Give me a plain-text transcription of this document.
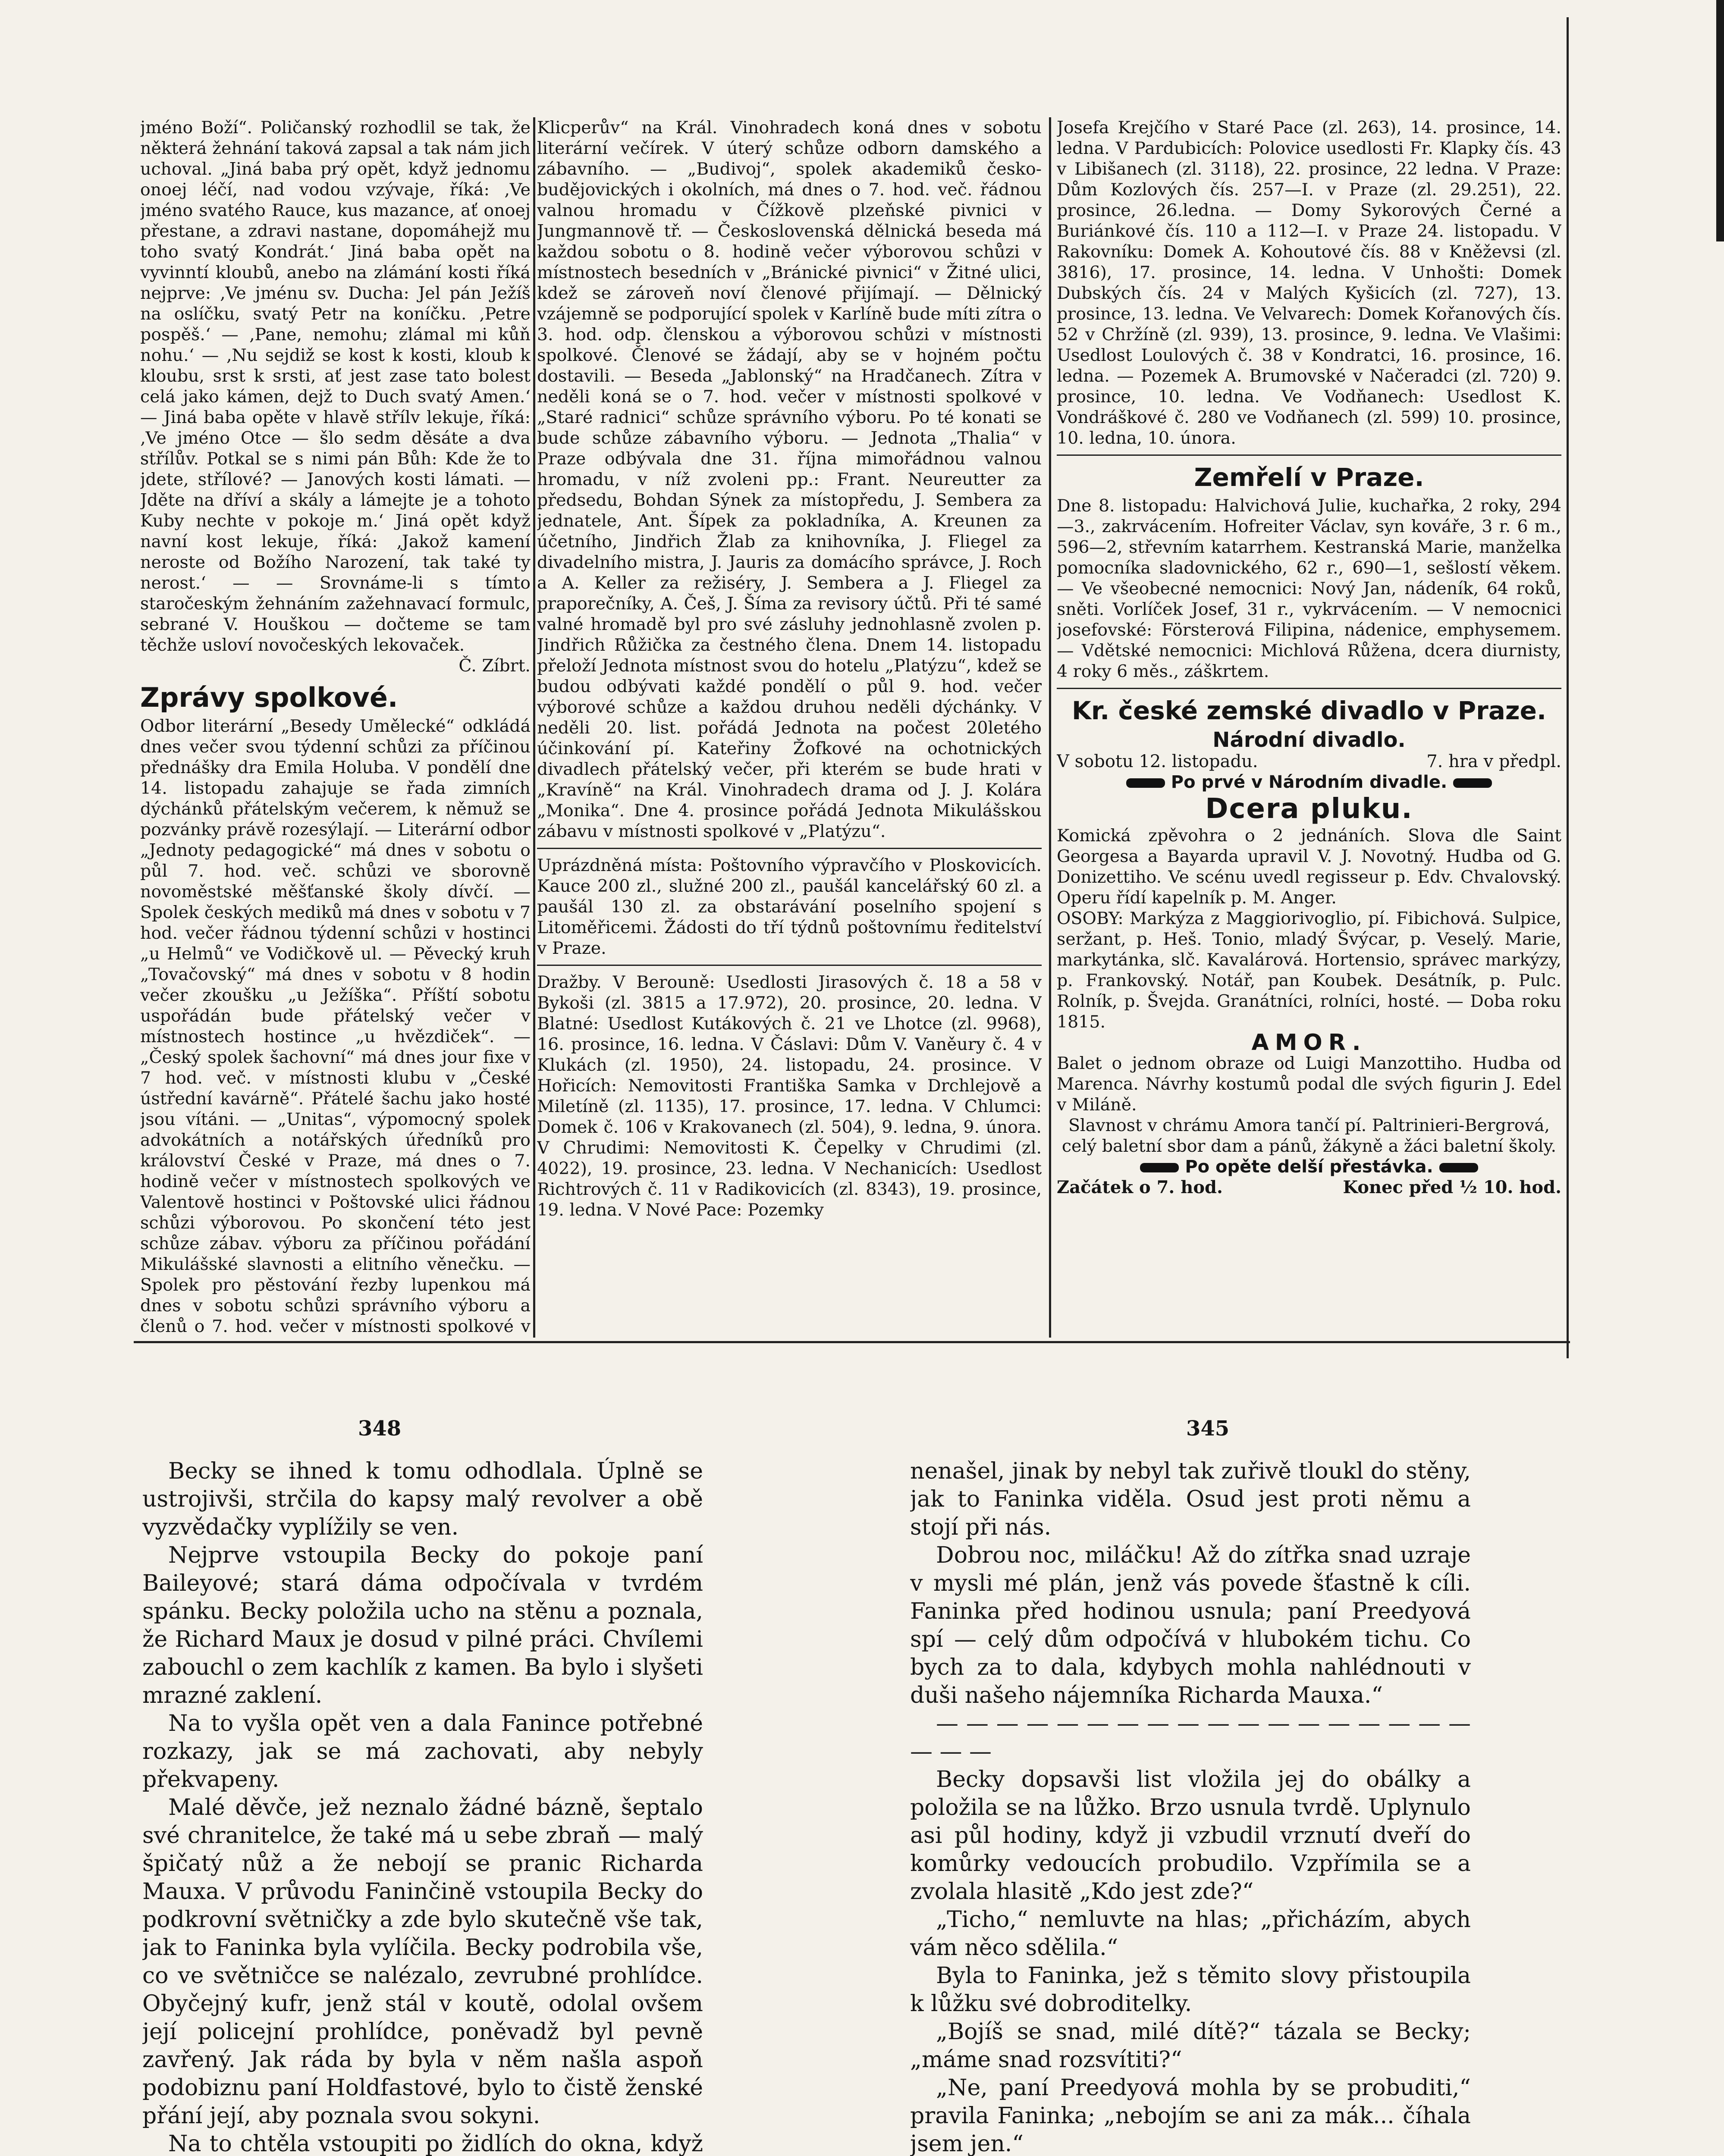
jméno Boží“. Poličanský rozhodlil se tak, že některá žehnání taková zapsal a tak nám jich uchoval. „Jiná baba prý opět, když jednomu onoej léčí, nad vodou vzývaje, říká: ‚Ve jméno svatého Rauce, kus mazance, ať onoej přestane, a zdravi nastane, dopomáhejž mu toho svatý Kondrát.‘ Jiná baba opět na vyvinntí kloubů, anebo na zlámání kosti říká nejprve: ‚Ve jménu sv. Ducha: Jel pán Ježíš na oslíčku, svatý Petr na koníčku. ‚Petre pospěš.‘ — ‚Pane, nemohu; zlámal mi kůň nohu.‘ — ‚Nu sejdiž se kost k kosti, kloub k kloubu, srst k srsti, ať jest zase tato bolest celá jako kámen, dejž to Duch svatý Amen.‘ — Jiná baba opěte v hlavě střílv lekuje, říká: ‚Ve jméno Otce — šlo sedm děsáte a dva střílův. Potkal se s nimi pán Bůh: Kde že to jdete, střílové? — Janových kosti lámati. — Jděte na dříví a skály a lámejte je a tohoto Kuby nechte v pokoje m.‘ Jiná opět když navní kost lekuje, říká: ‚Jakož kamení neroste od Božího Narození, tak také ty nerost.‘ — — Srovnáme-li s tímto staročeským žehnáním zažehnavací formulc, sebrané V. Houškou — dočteme se tam těchže usloví novočeských lekovaček.

Č. Zíbrt.

Zprávy spolkové.

Odbor literární „Besedy Umělecké“ odkládá dnes večer svou týdenní schůzi za příčinou přednášky dra Emila Holuba. V pondělí dne 14. listopadu zahajuje se řada zimních dýchánků přátelským večerem, k němuž se pozvánky právě rozesýlají. — Literární odbor „Jednoty pedagogické“ má dnes v sobotu o půl 7. hod. več. schůzi ve sborovně novoměstské měšťanské školy dívčí. — Spolek českých mediků má dnes v sobotu v 7 hod. večer řádnou týdenní schůzi v hostinci „u Helmů“ ve Vodičkově ul. — Pěvecký kruh „Tovačovský“ má dnes v sobotu v 8 hodin večer zkoušku „u Ježíška“. Příští sobotu uspořádán bude přátelský večer v místnostech hostince „u hvězdiček“. — „Český spolek šachovní“ má dnes jour fixe v 7 hod. več. v místnosti klubu v „České ústřední kavárně“. Přátelé šachu jako hosté jsou vítáni. — „Unitas“, výpomocný spolek advokátních a notářských úředníků pro království České v Praze, má dnes o 7. hodině večer v místnostech spolkových ve Valentově hostinci v Poštovské ulici řádnou schůzi výborovou. Po skončení této jest schůze zábav. výboru za příčinou pořádání Mikulášské slavnosti a elitního věnečku. — Spolek pro pěstování řezby lupenkou má dnes v sobotu schůzi správního výboru a členů o 7. hod. večer v místnosti spolkové v

Klicperův“ na Král. Vinohradech koná dnes v sobotu literární večírek. V úterý schůze odborn damského a zábavního. — „Budivoj“, spolek akademiků česko-budějovických i okolních, má dnes o 7. hod. več. řádnou valnou hromadu v Čížkově plzeňské pivnici v Jungmannově tř. — Československá dělnická beseda má každou sobotu o 8. hodině večer výborovou schůzi v místnostech besedních v „Bránické pivnici“ v Žitné ulici, kdež se zároveň noví členové přijímají. — Dělnický vzájemně se podporující spolek v Karlíně bude míti zítra o 3. hod. odp. členskou a výborovou schůzi v místnosti spolkové. Členové se žádají, aby se v hojném počtu dostavili. — Beseda „Jablonský“ na Hradčanech. Zítra v neděli koná se o 7. hod. večer v místnosti spolkové v „Staré radnici“ schůze správního výboru. Po té konati se bude schůze zábavního výboru. — Jednota „Thalia“ v Praze odbývala dne 31. října mimořádnou valnou hromadu, v níž zvoleni pp.: Frant. Neureutter za předsedu, Bohdan Sýnek za místopředu, J. Sembera za jednatele, Ant. Šípek za pokladníka, A. Kreunen za účetního, Jindřich Žlab za knihovníka, J. Fliegel za divadelního mistra, J. Jauris za domácího správce, J. Roch a A. Keller za režiséry, J. Sembera a J. Fliegel za praporečníky, A. Češ, J. Šíma za revisory účtů. Při té samé valné hromadě byl pro své zásluhy jednohlasně zvolen p. Jindřich Růžička za čestného člena. Dnem 14. listopadu přeloží Jednota místnost svou do hotelu „Platýzu“, kdež se budou odbývati každé pondělí o půl 9. hod. večer výborové schůze a každou druhou neděli dýchánky. V neděli 20. list. pořádá Jednota na počest 20letého účinkování pí. Kateřiny Žofkové na ochotnických divadlech přátelský večer, při kterém se bude hrati v „Kravíně“ na Král. Vinohradech drama od J. J. Kolára „Monika“. Dne 4. prosince pořádá Jednota Mikulášskou zábavu v místnosti spolkové v „Platýzu“.

Uprázdněná místa: Poštovního výpravčího v Ploskovicích. Kauce 200 zl., služné 200 zl., paušál kancelářský 60 zl. a paušál 130 zl. za obstarávání poselního spojení s Litoměřicemi. Žádosti do tří týdnů poštovnímu ředitelství v Praze.

Dražby. V Berouně: Usedlosti Jirasových č. 18 a 58 v Bykoši (zl. 3815 a 17.972), 20. prosince, 20. ledna. V Blatné: Usedlost Kutákových č. 21 ve Lhotce (zl. 9968), 16. prosince, 16. ledna. V Čáslavi: Dům V. Vaněury č. 4 v Klukách (zl. 1950), 24. listopadu, 24. prosince. V Hořicích: Nemovitosti Františka Samka v Drchlejově a Miletíně (zl. 1135), 17. prosince, 17. ledna. V Chlumci: Domek č. 106 v Krakovanech (zl. 504), 9. ledna, 9. února. V Chrudimi: Nemovitosti K. Čepelky v Chrudimi (zl. 4022), 19. prosince, 23. ledna. V Nechanicích: Usedlost Richtrových č. 11 v Radikovicích (zl. 8343), 19. prosince, 19. ledna. V Nové Pace: Pozemky

Josefa Krejčího v Staré Pace (zl. 263), 14. prosince, 14. ledna. V Pardubicích: Polovice usedlosti Fr. Klapky čís. 43 v Libišanech (zl. 3118), 22. prosince, 22 ledna. V Praze: Dům Kozlových čís. 257—I. v Praze (zl. 29.251), 22. prosince, 26.ledna. — Domy Sykorových Černé a Buriánkové čís. 110 a 112—I. v Praze 24. listopadu. V Rakovníku: Domek A. Kohoutové čís. 88 v Kněževsi (zl. 3816), 17. prosince, 14. ledna. V Unhošti: Domek Dubských čís. 24 v Malých Kyšicích (zl. 727), 13. prosince, 13. ledna. Ve Velvarech: Domek Kořanových čís. 52 v Chržíně (zl. 939), 13. prosince, 9. ledna. Ve Vlašimi: Usedlost Loulových č. 38 v Kondratci, 16. prosince, 16. ledna. — Pozemek A. Brumovské v Načeradci (zl. 720) 9. prosince, 10. ledna. Ve Vodňanech: Usedlost K. Vondráškové č. 280 ve Vodňanech (zl. 599) 10. prosince, 10. ledna, 10. února.

Zemřelí v Praze.

Dne 8. listopadu: Halvichová Julie, kuchařka, 2 roky, 294—3., zakrvácením. Hofreiter Václav, syn kováře, 3 r. 6 m., 596—2, střevním katarrhem. Kestranská Marie, manželka pomocníka sladovnického, 62 r., 690—1, sešlostí věkem. — Ve všeobecné nemocnici: Nový Jan, nádeník, 64 roků, sněti. Vorlíček Josef, 31 r., vykrvácením. — V nemocnici josefovské: Försterová Filipina, nádenice, emphysemem. — Vdětské nemocnici: Michlová Růžena, dcera diurnisty, 4 roky 6 měs., záškrtem.

Kr. české zemské divadlo v Praze.
Národní divadlo.
V sobotu 12. listopadu.	7. hra v předpl.
Po prvé v Národním divadle.
Dcera pluku.

Komická zpěvohra o 2 jednáních. Slova dle Saint Georgesa a Bayarda upravil V. J. Novotný. Hudba od G. Donizettiho. Ve scénu uvedl regisseur p. Edv. Chvalovský. Operu řídí kapelník p. M. Anger.

OSOBY: Markýza z Maggiorivoglio, pí. Fibichová. Sulpice, seržant, p. Heš. Tonio, mladý Švýcar, p. Veselý. Marie, markytánka, slč. Kavalárová. Hortensio, správec markýzy, p. Frankovský. Notář, pan Koubek. Desátník, p. Pulc. Rolník, p. Švejda. Granátníci, rolníci, hosté. — Doba roku 1815.

AMOR.

Balet o jednom obraze od Luigi Manzottiho. Hudba od Marenca. Návrhy kostumů podal dle svých figurin J. Edel v Miláně.

Slavnost v chrámu Amora tančí pí. Paltrinieri-Bergrová, celý baletní sbor dam a pánů, žákyně a žáci baletní školy.

Po opěte delší přestávka.
Začátek o 7. hod.	Konec před ½ 10. hod.
348	345

Becky se ihned k tomu odhodlala. Úplně se ustrojivši, strčila do kapsy malý revolver a obě vyzvědačky vyplížily se ven.

Nejprve vstoupila Becky do pokoje paní Baileyové; stará dáma odpočívala v tvrdém spánku. Becky položila ucho na stěnu a poznala, že Richard Maux je dosud v pilné práci. Chvílemi zabouchl o zem kachlík z kamen. Ba bylo i slyšeti mrazné zaklení.

Na to vyšla opět ven a dala Fanince potřebné rozkazy, jak se má zachovati, aby nebyly překvapeny.

Malé děvče, jež neznalo žádné bázně, šeptalo své chranitelce, že také má u sebe zbraň — malý špičatý nůž a že nebojí se pranic Richarda Mauxa. V průvodu Faninčině vstoupila Becky do podkrovní světničky a zde bylo skutečně vše tak, jak to Faninka byla vylíčila. Becky podrobila vše, co ve světničce se nalézalo, zevrubné prohlídce. Obyčejný kufr, jenž stál v koutě, odolal ovšem její policejní prohlídce, poněvadž byl pevně zavřený. Jak ráda by byla v něm našla aspoň podobiznu paní Holdfastové, bylo to čistě ženské přání její, aby poznala svou sokyni.

Na to chtěla vstoupiti po židlích do okna, když

nenašel, jinak by nebyl tak zuřivě tloukl do stěny, jak to Faninka viděla. Osud jest proti němu a stojí při nás.

Dobrou noc, miláčku! Až do zítřka snad uzraje v mysli mé plán, jenž vás povede šťastně k cíli. Faninka před hodinou usnula; paní Preedyová spí — celý dům odpočívá v hlubokém tichu. Co bych za to dala, kdybych mohla nahlédnouti v duši našeho nájemníka Richarda Mauxa.“

— — — — — — — — — — — — — — — — — — — — —

Becky dopsavši list vložila jej do obálky a položila se na lůžko. Brzo usnula tvrdě. Uplynulo asi půl hodiny, když ji vzbudil vrznutí dveří do komůrky vedoucích probudilo. Vzpřímila se a zvolala hlasitě „Kdo jest zde?“

„Ticho,“ nemluvte na hlas; „přicházím, abych vám něco sdělila.“

Byla to Faninka, jež s těmito slovy přistoupila k lůžku své dobroditelky.

„Bojíš se snad, milé dítě?“ tázala se Becky; „máme snad rozsvítiti?“

„Ne, paní Preedyová mohla by se probuditi,“ pravila Faninka; „nebojím se ani za mák... číhala jsem jen.“
